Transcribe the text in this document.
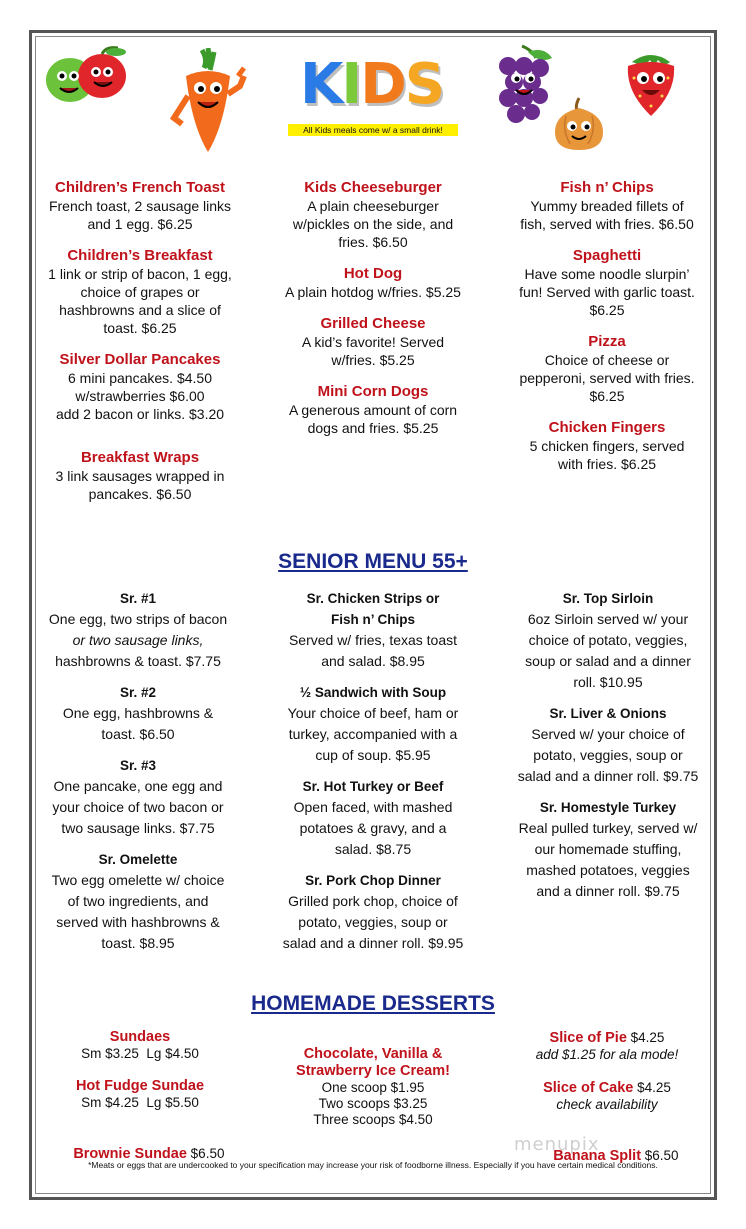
KIDS
All Kids meals come w/ a small drink!
Children’s French Toast
French toast, 2 sausage links
and 1 egg. $6.25
Children’s Breakfast
1 link or strip of bacon, 1 egg,
choice of grapes or
hashbrowns and a slice of
toast. $6.25
Silver Dollar Pancakes
6 mini pancakes. $4.50
w/strawberries $6.00
add 2 bacon or links. $3.20
Breakfast Wraps
3 link sausages wrapped in
pancakes. $6.50
Kids Cheeseburger
A plain cheeseburger
w/pickles on the side, and
fries. $6.50
Hot Dog
A plain hotdog w/fries. $5.25
Grilled Cheese
A kid’s favorite! Served
w/fries. $5.25
Mini Corn Dogs
A generous amount of corn
dogs and fries. $5.25
Fish n’ Chips
Yummy breaded fillets of
fish, served with fries. $6.50
Spaghetti
Have some noodle slurpin’
fun! Served with garlic toast.
$6.25
Pizza
Choice of cheese or
pepperoni, served with fries.
$6.25
Chicken Fingers
5 chicken fingers, served
with fries. $6.25
SENIOR MENU 55+
Sr. #1
One egg, two strips of bacon
or two sausage links,
hashbrowns & toast. $7.75
Sr. #2
One egg, hashbrowns &
toast. $6.50
Sr. #3
One pancake, one egg and
your choice of two bacon or
two sausage links. $7.75
Sr. Omelette
Two egg omelette w/ choice
of two ingredients, and
served with hashbrowns &
toast. $8.95
Sr. Chicken Strips or
Fish n’ Chips
Served w/ fries, texas toast
and salad. $8.95
½ Sandwich with Soup
Your choice of beef, ham or
turkey, accompanied with a
cup of soup. $5.95
Sr. Hot Turkey or Beef
Open faced, with mashed
potatoes & gravy, and a
salad. $8.75
Sr. Pork Chop Dinner
Grilled pork chop, choice of
potato, veggies, soup or
salad and a dinner roll. $9.95
Sr. Top Sirloin
6oz Sirloin served w/ your
choice of potato, veggies,
soup or salad and a dinner
roll. $10.95
Sr. Liver & Onions
Served w/ your choice of
potato, veggies, soup or
salad and a dinner roll. $9.75
Sr. Homestyle Turkey
Real pulled turkey, served w/
our homemade stuffing,
mashed potatoes, veggies
and a dinner roll. $9.75
HOMEMADE DESSERTS
Sundaes
Sm $3.25  Lg $4.50
Hot Fudge Sundae
Sm $4.25  Lg $5.50

Brownie Sundae $6.50

Chocolate, Vanilla &
Strawberry Ice Cream!
One scoop $1.95
Two scoops $3.25
Three scoops $4.50
Slice of Pie $4.25
add $1.25 for ala mode!
Slice of Cake $4.25
check availability

Banana Split $6.50

menupix
*Meats or eggs that are undercooked to your specification may increase your risk of foodborne illness. Especially if you have certain medical conditions.
